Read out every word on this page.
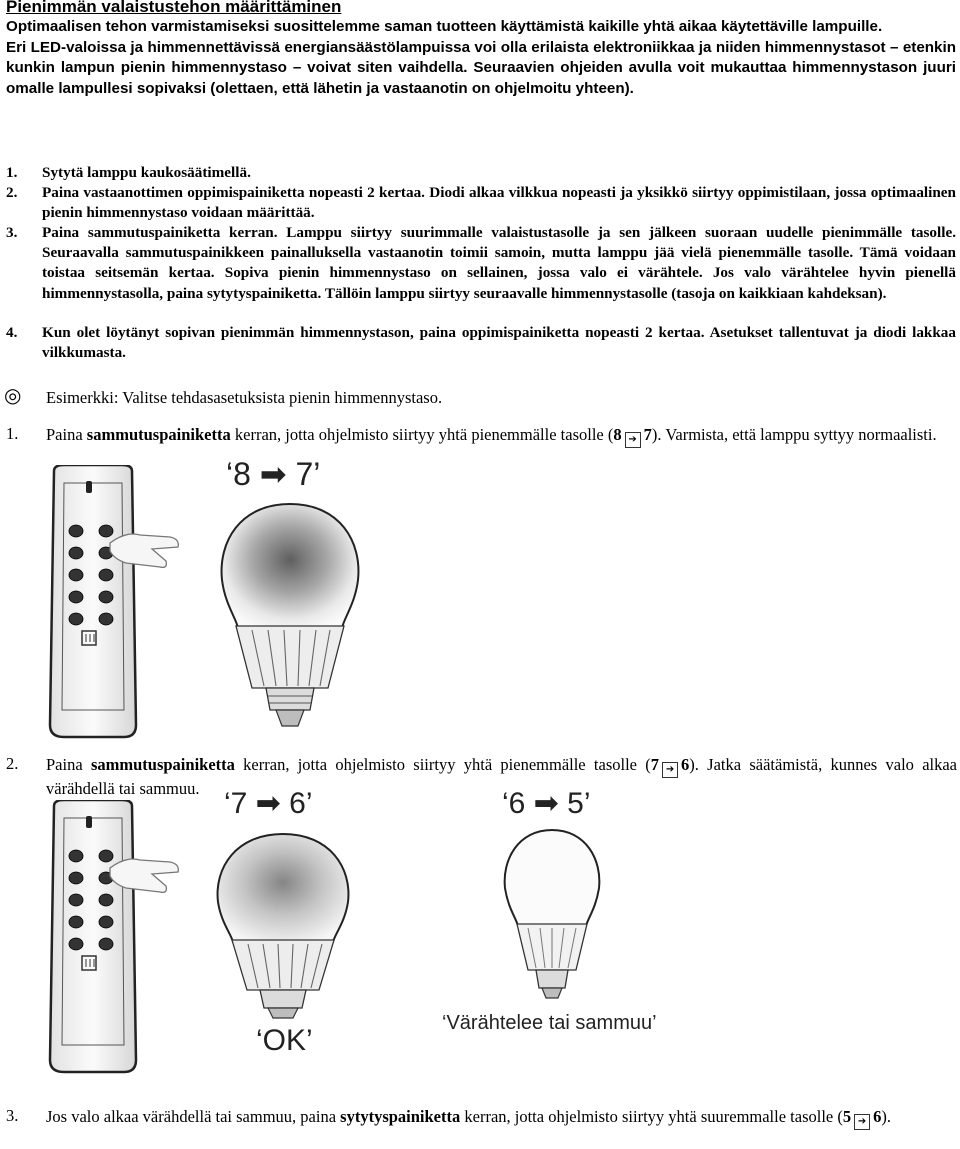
Pienimmän valaistustehon määrittäminen

Optimaalisen tehon varmistamiseksi suosittelemme saman tuotteen käyttämistä kaikille yhtä aikaa käytettäville lampuille.

Eri LED-valoissa ja himmennettävissä energiansäästölampuissa voi olla erilaista elektroniikkaa ja niiden himmennystasot – etenkin kunkin lampun pienin himmennystaso – voivat siten vaihdella. Seuraavien ohjeiden avulla voit mukauttaa himmennystason juuri omalle lampullesi sopivaksi (olettaen, että lähetin ja vastaanotin on ohjelmoitu yhteen).

1. Sytytä lamppu kaukosäätimellä.
2. Paina vastaanottimen oppimispainiketta nopeasti 2 kertaa. Diodi alkaa vilkkua nopeasti ja yksikkö siirtyy oppimistilaan, jossa optimaalinen pienin himmennystaso voidaan määrittää.
3. Paina sammutuspainiketta kerran. Lamppu siirtyy suurimmalle valaistustasolle ja sen jälkeen suoraan uudelle pienimmälle tasolle. Seuraavalla sammutuspainikkeen painalluksella vastaanotin toimii samoin, mutta lamppu jää vielä pienemmälle tasolle. Tämä voidaan toistaa seitsemän kertaa. Sopiva pienin himmennystaso on sellainen, jossa valo ei värähtele. Jos valo värähtelee hyvin pienellä himmennystasolla, paina sytytyspainiketta. Tällöin lamppu siirtyy seuraavalle himmennystasolle (tasoja on kaikkiaan kahdeksan).
4. Kun olet löytänyt sopivan pienimmän himmennystason, paina oppimispainiketta nopeasti 2 kertaa. Asetukset tallentuvat ja diodi lakkaa vilkkumasta.
◎ Esimerkki: Valitse tehdasasetuksista pienin himmennystaso.
1. Paina sammutuspainiketta kerran, jotta ohjelmisto siirtyy yhtä pienemmälle tasolle (8 ➔ 7). Varmista, että lamppu syttyy normaalisti.
2. Paina sammutuspainiketta kerran, jotta ohjelmisto siirtyy yhtä pienemmälle tasolle (7 ➔ 6). Jatka säätämistä, kunnes valo alkaa värähdellä tai sammuu.
3. Jos valo alkaa värähdellä tai sammuu, paina sytytyspainiketta kerran, jotta ohjelmisto siirtyy yhtä suuremmalle tasolle (5 ➔ 6).
‘8 ➡ 7’
‘7 ➡ 6’	‘6 ➡ 5’
‘OK’
‘Värähtelee tai sammuu’
